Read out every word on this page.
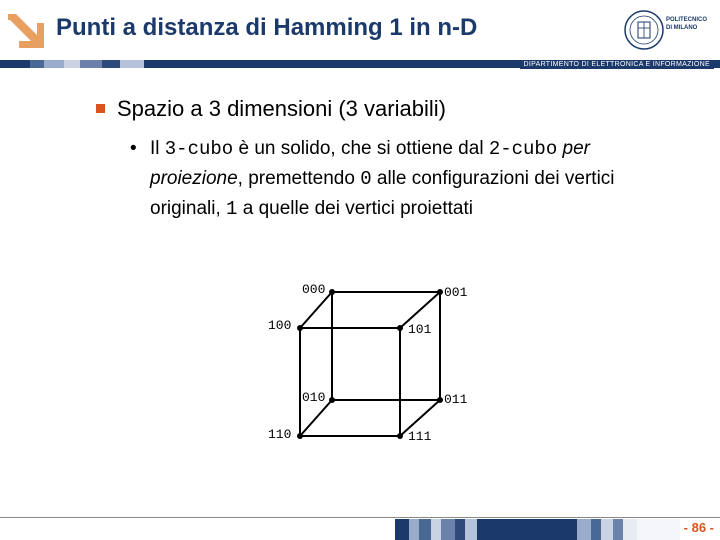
Punti a distanza di Hamming 1 in n-D	POLITECNICO
DI MILANO
DIPARTIMENTO DI ELETTRONICA E INFORMAZIONE
Spazio a 3 dimensioni (3 variabili)
• Il 3-cubo è un solido, che si ottiene dal 2-cubo per proiezione, premettendo 0 alle configurazioni dei vertici originali, 1 a quelle dei vertici proiettati
000	001
100	101
010	011
110	111
- 86 -
